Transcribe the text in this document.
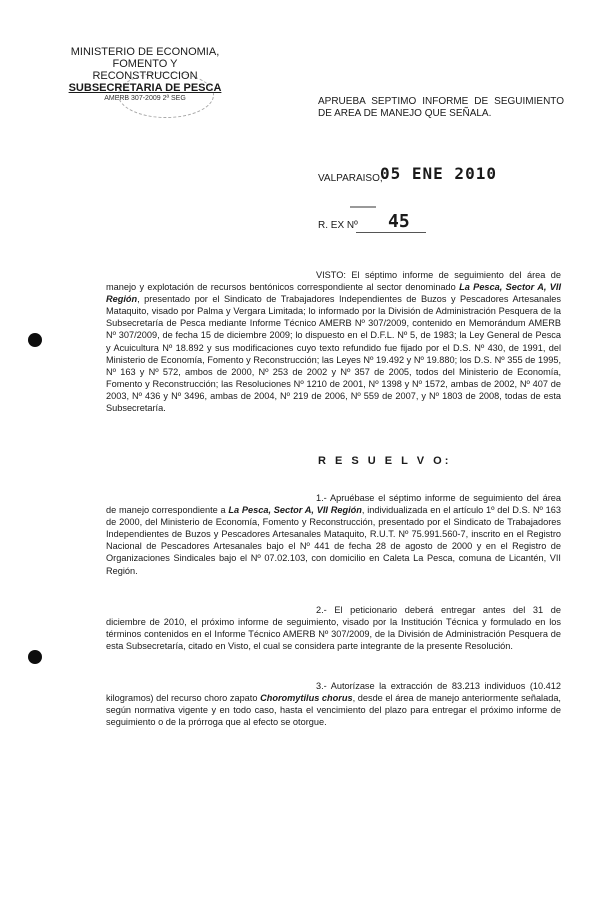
MINISTERIO DE ECONOMIA,
FOMENTO Y RECONSTRUCCION
SUBSECRETARIA DE PESCA
AMERB 307-2009 2ª SEG	APRUEBA SEPTIMO INFORME DE SEGUIMIENTO DE AREA DE MANEJO QUE SEÑALA.
VALPARAISO,
05 ENE 2010
R. EX Nº 45

VISTO: El séptimo informe de seguimiento del área de manejo y explotación de recursos bentónicos correspondiente al sector denominado La Pesca, Sector A, VII Región, presentado por el Sindicato de Trabajadores Independientes de Buzos y Pescadores Artesanales Mataquito, visado por Palma y Vergara Limitada; lo informado por la División de Administración Pesquera de la Subsecretaría de Pesca mediante Informe Técnico AMERB Nº 307/2009, contenido en Memorándum AMERB Nº 307/2009, de fecha 15 de diciembre 2009; lo dispuesto en el D.F.L. Nº 5, de 1983; la Ley General de Pesca y Acuicultura Nº 18.892 y sus modificaciones cuyo texto refundido fue fijado por el D.S. Nº 430, de 1991, del Ministerio de Economía, Fomento y Reconstrucción; las Leyes Nº 19.492 y Nº 19.880; los D.S. Nº 355 de 1995, Nº 163 y Nº 572, ambos de 2000, Nº 253 de 2002 y Nº 357 de 2005, todos del Ministerio de Economía, Fomento y Reconstrucción; las Resoluciones Nº 1210 de 2001, Nº 1398 y Nº 1572, ambas de 2002, Nº 407 de 2003, Nº 436 y Nº 3496, ambas de 2004, Nº 219 de 2006, Nº 559 de 2007, y Nº 1803 de 2008, todas de esta Subsecretaría.

R E S U E L V O:

1.- Apruébase el séptimo informe de seguimiento del área de manejo correspondiente a La Pesca, Sector A, VII Región, individualizada en el artículo 1º del D.S. Nº 163 de 2000, del Ministerio de Economía, Fomento y Reconstrucción, presentado por el Sindicato de Trabajadores Independientes de Buzos y Pescadores Artesanales Mataquito, R.U.T. Nº 75.991.560-7, inscrito en el Registro Nacional de Pescadores Artesanales bajo el Nº 441 de fecha 28 de agosto de 2000 y en el Registro de Organizaciones Sindicales bajo el Nº 07.02.103, con domicilio en Caleta La Pesca, comuna de Licantén, VII Región.

2.- El peticionario deberá entregar antes del 31 de diciembre de 2010, el próximo informe de seguimiento, visado por la Institución Técnica y formulado en los términos contenidos en el Informe Técnico AMERB Nº 307/2009, de la División de Administración Pesquera de esta Subsecretaría, citado en Visto, el cual se considera parte integrante de la presente Resolución.

3.- Autorízase la extracción de 83.213 individuos (10.412 kilogramos) del recurso choro zapato Choromytilus chorus, desde el área de manejo anteriormente señalada, según normativa vigente y en todo caso, hasta el vencimiento del plazo para entregar el próximo informe de seguimiento o de la prórroga que al efecto se otorgue.
